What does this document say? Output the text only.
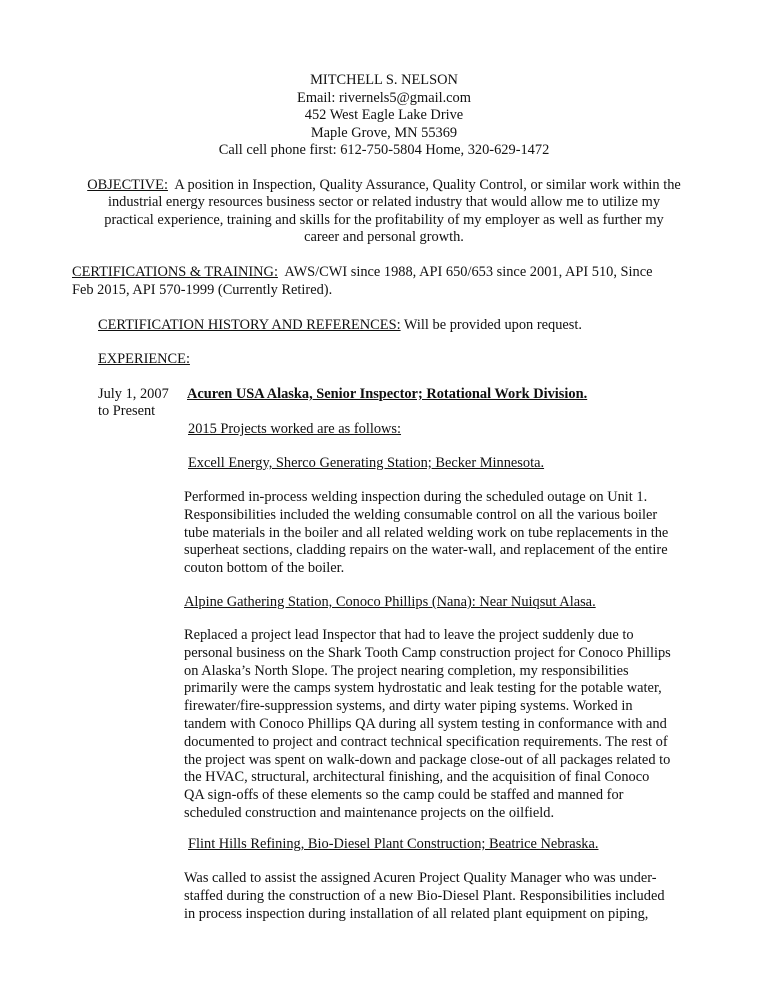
MITCHELL S. NELSON
Email: rivernels5@gmail.com
452 West Eagle Lake Drive
Maple Grove, MN 55369
Call cell phone first: 612-750-5804 Home, 320-629-1472
OBJECTIVE: A position in Inspection, Quality Assurance, Quality Control, or similar work within the
industrial energy resources business sector or related industry that would allow me to utilize my
practical experience, training and skills for the profitability of my employer as well as further my
career and personal growth.
CERTIFICATIONS & TRAINING: AWS/CWI since 1988, API 650/653 since 2001, API 510, Since
Feb 2015, API 570-1999 (Currently Retired).
CERTIFICATION HISTORY AND REFERENCES: Will be provided upon request.
EXPERIENCE:
July 1, 2007
to Present
Acuren USA Alaska, Senior Inspector; Rotational Work Division.
2015 Projects worked are as follows:
Excell Energy, Sherco Generating Station; Becker Minnesota.
Performed in-process welding inspection during the scheduled outage on Unit 1.
Responsibilities included the welding consumable control on all the various boiler
tube materials in the boiler and all related welding work on tube replacements in the
superheat sections, cladding repairs on the water-wall, and replacement of the entire
couton bottom of the boiler.
Alpine Gathering Station, Conoco Phillips (Nana): Near Nuiqsut Alasa.
Replaced a project lead Inspector that had to leave the project suddenly due to
personal business on the Shark Tooth Camp construction project for Conoco Phillips
on Alaska’s North Slope. The project nearing completion, my responsibilities
primarily were the camps system hydrostatic and leak testing for the potable water,
firewater/fire-suppression systems, and dirty water piping systems. Worked in
tandem with Conoco Phillips QA during all system testing in conformance with and
documented to project and contract technical specification requirements. The rest of
the project was spent on walk-down and package close-out of all packages related to
the HVAC, structural, architectural finishing, and the acquisition of final Conoco
QA sign-offs of these elements so the camp could be staffed and manned for
scheduled construction and maintenance projects on the oilfield.
Flint Hills Refining, Bio-Diesel Plant Construction; Beatrice Nebraska.
Was called to assist the assigned Acuren Project Quality Manager who was under-
staffed during the construction of a new Bio-Diesel Plant. Responsibilities included
in process inspection during installation of all related plant equipment on piping,
